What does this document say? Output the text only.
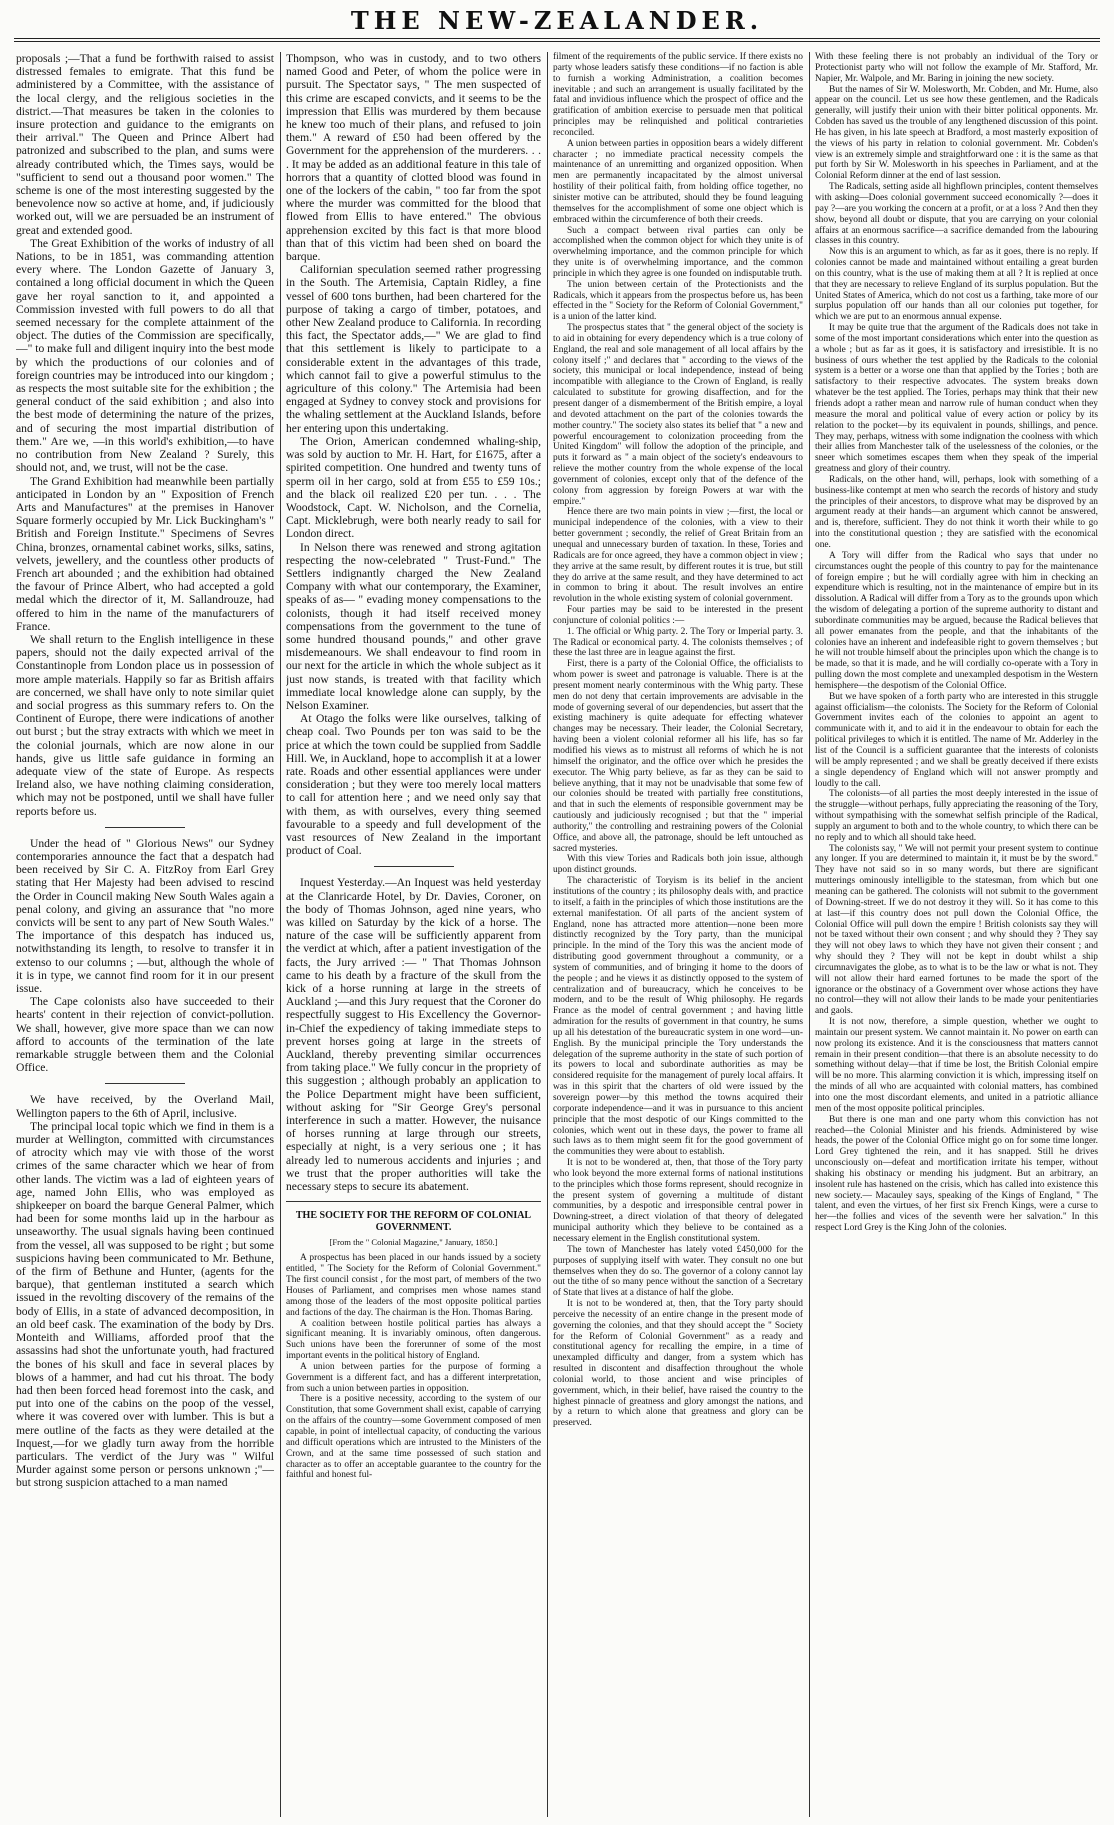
THE NEW-ZEALANDER.

proposals ;—That a fund be forthwith raised to assist distressed females to emigrate. That this fund be administered by a Committee, with the assistance of the local clergy, and the religious societies in the district.—That measures be taken in the colonies to insure protection and guidance to the emigrants on their arrival." The Queen and Prince Albert had patronized and subscribed to the plan, and sums were already contributed which, the Times says, would be "sufficient to send out a thousand poor women." The scheme is one of the most interesting suggested by the benevolence now so active at home, and, if judiciously worked out, will we are persuaded be an instrument of great and extended good.

The Great Exhibition of the works of industry of all Nations, to be in 1851, was commanding attention every where. The London Gazette of January 3, contained a long official document in which the Queen gave her royal sanction to it, and appointed a Commission invested with full powers to do all that seemed necessary for the complete attainment of the object. The duties of the Commission are specifically,—" to make full and diligent inquiry into the best mode by which the productions of our colonies and of foreign countries may be introduced into our kingdom ; as respects the most suitable site for the exhibition ; the general conduct of the said exhibition ; and also into the best mode of determining the nature of the prizes, and of securing the most impartial distribution of them." Are we, —in this world's exhibition,—to have no contribution from New Zealand ? Surely, this should not, and, we trust, will not be the case.

The Grand Exhibition had meanwhile been partially anticipated in London by an " Exposition of French Arts and Manufactures" at the premises in Hanover Square formerly occupied by Mr. Lick Buckingham's " British and Foreign Institute." Specimens of Sevres China, bronzes, ornamental cabinet works, silks, satins, velvets, jewellery, and the countless other products of French art abounded ; and the exhibition had obtained the favour of Prince Albert, who had accepted a gold medal which the director of it, M. Sallandrouze, had offered to him in the name of the manufacturers of France.

We shall return to the English intelligence in these papers, should not the daily expected arrival of the Constantinople from London place us in possession of more ample materials. Happily so far as British affairs are concerned, we shall have only to note similar quiet and social progress as this summary refers to. On the Continent of Europe, there were indications of another out burst ; but the stray extracts with which we meet in the colonial journals, which are now alone in our hands, give us little safe guidance in forming an adequate view of the state of Europe. As respects Ireland also, we have nothing claiming consideration, which may not be postponed, until we shall have fuller reports before us.

Under the head of " Glorious News" our Sydney contemporaries announce the fact that a despatch had been received by Sir C. A. FitzRoy from Earl Grey stating that Her Majesty had been advised to rescind the Order in Council making New South Wales again a penal colony, and giving an assurance that "no more convicts will be sent to any part of New South Wales." The importance of this despatch has induced us, notwithstanding its length, to resolve to transfer it in extenso to our columns ; —but, although the whole of it is in type, we cannot find room for it in our present issue.

The Cape colonists also have succeeded to their hearts' content in their rejection of convict-pollution. We shall, however, give more space than we can now afford to accounts of the termination of the late remarkable struggle between them and the Colonial Office.

We have received, by the Overland Mail, Wellington papers to the 6th of April, inclusive.

The principal local topic which we find in them is a murder at Wellington, committed with circumstances of atrocity which may vie with those of the worst crimes of the same character which we hear of from other lands. The victim was a lad of eighteen years of age, named John Ellis, who was employed as shipkeeper on board the barque General Palmer, which had been for some months laid up in the harbour as unseaworthy. The usual signals having been continued from the vessel, all was supposed to be right ; but some suspicions having been communicated to Mr. Bethune, of the firm of Bethune and Hunter, (agents for the barque), that gentleman instituted a search which issued in the revolting discovery of the remains of the body of Ellis, in a state of advanced decomposition, in an old beef cask. The examination of the body by Drs. Monteith and Williams, afforded proof that the assassins had shot the unfortunate youth, had fractured the bones of his skull and face in several places by blows of a hammer, and had cut his throat. The body had then been forced head foremost into the cask, and put into one of the cabins on the poop of the vessel, where it was covered over with lumber. This is but a mere outline of the facts as they were detailed at the Inquest,—for we gladly turn away from the horrible particulars. The verdict of the Jury was " Wilful Murder against some person or persons unknown ;"—but strong suspicion attached to a man named

Thompson, who was in custody, and to two others named Good and Peter, of whom the police were in pursuit. The Spectator says, " The men suspected of this crime are escaped convicts, and it seems to be the impression that Ellis was murdered by them because he knew too much of their plans, and refused to join them." A reward of £50 had been offered by the Government for the apprehension of the murderers. . . . It may be added as an additional feature in this tale of horrors that a quantity of clotted blood was found in one of the lockers of the cabin, " too far from the spot where the murder was committed for the blood that flowed from Ellis to have entered." The obvious apprehension excited by this fact is that more blood than that of this victim had been shed on board the barque.

Californian speculation seemed rather progressing in the South. The Artemisia, Captain Ridley, a fine vessel of 600 tons burthen, had been chartered for the purpose of taking a cargo of timber, potatoes, and other New Zealand produce to California. In recording this fact, the Spectator adds,—" We are glad to find that this settlement is likely to participate to a considerable extent in the advantages of this trade, which cannot fail to give a powerful stimulus to the agriculture of this colony." The Artemisia had been engaged at Sydney to convey stock and provisions for the whaling settlement at the Auckland Islands, before her entering upon this undertaking.

The Orion, American condemned whaling-ship, was sold by auction to Mr. H. Hart, for £1675, after a spirited competition. One hundred and twenty tuns of sperm oil in her cargo, sold at from £55 to £59 10s.; and the black oil realized £20 per tun. . . . The Woodstock, Capt. W. Nicholson, and the Cornelia, Capt. Micklebrugh, were both nearly ready to sail for London direct.

In Nelson there was renewed and strong agitation respecting the now-celebrated " Trust-Fund." The Settlers indignantly charged the New Zealand Company with what our contemporary, the Examiner, speaks of as— " evading money compensations to the colonists, though it had itself received money compensations from the government to the tune of some hundred thousand pounds," and other grave misdemeanours. We shall endeavour to find room in our next for the article in which the whole subject as it just now stands, is treated with that facility which immediate local knowledge alone can supply, by the Nelson Examiner.

At Otago the folks were like ourselves, talking of cheap coal. Two Pounds per ton was said to be the price at which the town could be supplied from Saddle Hill. We, in Auckland, hope to accomplish it at a lower rate. Roads and other essential appliances were under consideration ; but they were too merely local matters to call for attention here ; and we need only say that with them, as with ourselves, every thing seemed favourable to a speedy and full development of the vast resources of New Zealand in the important product of Coal.

Inquest Yesterday.—An Inquest was held yesterday at the Clanricarde Hotel, by Dr. Davies, Coroner, on the body of Thomas Johnson, aged nine years, who was killed on Saturday by the kick of a horse. The nature of the case will be sufficiently apparent from the verdict at which, after a patient investigation of the facts, the Jury arrived :— " That Thomas Johnson came to his death by a fracture of the skull from the kick of a horse running at large in the streets of Auckland ;—and this Jury request that the Coroner do respectfully suggest to His Excellency the Governor-in-Chief the expediency of taking immediate steps to prevent horses going at large in the streets of Auckland, thereby preventing similar occurrences from taking place." We fully concur in the propriety of this suggestion ; although probably an application to the Police Department might have been sufficient, without asking for "Sir George Grey's personal interference in such a matter. However, the nuisance of horses running at large through our streets, especially at night, is a very serious one ; it has already led to numerous accidents and injuries ; and we trust that the proper authorities will take the necessary steps to secure its abatement.

THE SOCIETY FOR THE REFORM OF COLONIAL GOVERNMENT.
[From the " Colonial Magazine," January, 1850.]

A prospectus has been placed in our hands issued by a society entitled, " The Society for the Reform of Colonial Government." The first council consist , for the most part, of members of the two Houses of Parliament, and comprises men whose names stand among those of the leaders of the most opposite political parties and factions of the day. The chairman is the Hon. Thomas Baring.

A coalition between hostile political parties has always a significant meaning. It is invariably ominous, often dangerous. Such unions have been the forerunner of some of the most important events in the political history of England.

A union between parties for the purpose of forming a Government is a different fact, and has a different interpretation, from such a union between parties in opposition.

There is a positive necessity, according to the system of our Constitution, that some Government shall exist, capable of carrying on the affairs of the country—some Government composed of men capable, in point of intellectual capacity, of conducting the various and difficult operations which are intrusted to the Ministers of the Crown, and at the same time possessed of such station and character as to offer an acceptable guarantee to the country for the faithful and honest ful-

filment of the requirements of the public service. If there exists no party whose leaders satisfy these conditions—if no faction is able to furnish a working Administration, a coalition becomes inevitable ; and such an arrangement is usually facilitated by the fatal and invidious influence which the prospect of office and the gratification of ambition exercise to persuade men that political principles may be relinquished and political contrarieties reconciled.

A union between parties in opposition bears a widely different character ; no immediate practical necessity compels the maintenance of an unremitting and organized opposition. When men are permanently incapacitated by the almost universal hostility of their political faith, from holding office together, no sinister motive can be attributed, should they be found leaguing themselves for the accomplishment of some one object which is embraced within the circumference of both their creeds.

Such a compact between rival parties can only be accomplished when the common object for which they unite is of overwhelming importance, and the common principle for which they unite is of overwhelming importance, and the common principle in which they agree is one founded on indisputable truth.

The union between certain of the Protectionists and the Radicals, which it appears from the prospectus before us, has been effected in the " Society for the Reform of Colonial Government," is a union of the latter kind.

The prospectus states that " the general object of the society is to aid in obtaining for every dependency which is a true colony of England, the real and sole management of all local affairs by the colony itself ;" and declares that " according to the views of the society, this municipal or local independence, instead of being incompatible with allegiance to the Crown of England, is really calculated to substitute for growing disaffection, and for the present danger of a dismemberment of the British empire, a loyal and devoted attachment on the part of the colonies towards the mother country." The society also states its belief that " a new and powerful encouragement to colonization proceeding from the United Kingdom" will follow the adoption of the principle, and puts it forward as " a main object of the society's endeavours to relieve the mother country from the whole expense of the local government of colonies, except only that of the defence of the colony from aggression by foreign Powers at war with the empire."

Hence there are two main points in view ;—first, the local or municipal independence of the colonies, with a view to their better government ; secondly, the relief of Great Britain from an unequal and unnecessary burden of taxation. In these, Tories and Radicals are for once agreed, they have a common object in view ; they arrive at the same result, by different routes it is true, but still they do arrive at the same result, and they have determined to act in common to bring it about. The result involves an entire revolution in the whole existing system of colonial government.

Four parties may be said to be interested in the present conjuncture of colonial politics :—

1. The official or Whig party. 2. The Tory or Imperial party. 3. The Radical or economical party. 4. The colonists themselves ; of these the last three are in league against the first.

First, there is a party of the Colonial Office, the officialists to whom power is sweet and patronage is valuable. There is at the present moment nearly conterminous with the Whig party. These men do not deny that certain improvements are advisable in the mode of governing several of our dependencies, but assert that the existing machinery is quite adequate for effecting whatever changes may be necessary. Their leader, the Colonial Secretary, having been a violent colonial reformer all his life, has so far modified his views as to mistrust all reforms of which he is not himself the originator, and the office over which he presides the executor. The Whig party believe, as far as they can be said to believe anything, that it may not be unadvisable that some few of our colonies should be treated with partially free constitutions, and that in such the elements of responsible government may be cautiously and judiciously recognised ; but that the " imperial authority," the controlling and restraining powers of the Colonial Office, and above all, the patronage, should be left untouched as sacred mysteries.

With this view Tories and Radicals both join issue, although upon distinct grounds.

The characteristic of Toryism is its belief in the ancient institutions of the country ; its philosophy deals with, and practice to itself, a faith in the principles of which those institutions are the external manifestation. Of all parts of the ancient system of England, none has attracted more attention—none been more distinctly recognized by the Tory party, than the municipal principle. In the mind of the Tory this was the ancient mode of distributing good government throughout a community, or a system of communities, and of bringing it home to the doors of the people ; and he views it as distinctly opposed to the system of centralization and of bureaucracy, which he conceives to be modern, and to be the result of Whig philosophy. He regards France as the model of central government ; and having little admiration for the results of government in that country, he sums up all his detestation of the bureaucratic system in one word—un-English. By the municipal principle the Tory understands the delegation of the supreme authority in the state of such portion of its powers to local and subordinate authorities as may be considered requisite for the management of purely local affairs. It was in this spirit that the charters of old were issued by the sovereign power—by this method the towns acquired their corporate independence—and it was in pursuance to this ancient principle that the most despotic of our Kings committed to the colonies, which went out in these days, the power to frame all such laws as to them might seem fit for the good government of the communities they were about to establish.

It is not to be wondered at, then, that those of the Tory party who look beyond the more external forms of national institutions to the principles which those forms represent, should recognize in the present system of governing a multitude of distant communities, by a despotic and irresponsible central power in Downing-street, a direct violation of that theory of delegated municipal authority which they believe to be contained as a necessary element in the English constitutional system.

The town of Manchester has lately voted £450,000 for the purposes of supplying itself with water. They consult no one but themselves when they do so. The governor of a colony cannot lay out the tithe of so many pence without the sanction of a Secretary of State that lives at a distance of half the globe.

It is not to be wondered at, then, that the Tory party should perceive the necessity of an entire change in the present mode of governing the colonies, and that they should accept the " Society for the Reform of Colonial Government" as a ready and constitutional agency for recalling the empire, in a time of unexampled difficulty and danger, from a system which has resulted in discontent and disaffection throughout the whole colonial world, to those ancient and wise principles of government, which, in their belief, have raised the country to the highest pinnacle of greatness and glory amongst the nations, and by a return to which alone that greatness and glory can be preserved.

With these feeling there is not probably an individual of the Tory or Protectionist party who will not follow the example of Mr. Stafford, Mr. Napier, Mr. Walpole, and Mr. Baring in joining the new society.

But the names of Sir W. Molesworth, Mr. Cobden, and Mr. Hume, also appear on the council. Let us see how these gentlemen, and the Radicals generally, will justify their union with their bitter political opponents. Mr. Cobden has saved us the trouble of any lengthened discussion of this point. He has given, in his late speech at Bradford, a most masterly exposition of the views of his party in relation to colonial government. Mr. Cobden's view is an extremely simple and straightforward one : it is the same as that put forth by Sir W. Molesworth in his speeches in Parliament, and at the Colonial Reform dinner at the end of last session.

The Radicals, setting aside all highflown principles, content themselves with asking—Does colonial government succeed economically ?—does it pay ?—are you working the concern at a profit, or at a loss ? And then they show, beyond all doubt or dispute, that you are carrying on your colonial affairs at an enormous sacrifice—a sacrifice demanded from the labouring classes in this country.

Now this is an argument to which, as far as it goes, there is no reply. If colonies cannot be made and maintained without entailing a great burden on this country, what is the use of making them at all ? It is replied at once that they are necessary to relieve England of its surplus population. But the United States of America, which do not cost us a farthing, take more of our surplus population off our hands than all our colonies put together, for which we are put to an enormous annual expense.

It may be quite true that the argument of the Radicals does not take in some of the most important considerations which enter into the question as a whole ; but as far as it goes, it is satisfactory and irresistible. It is no business of ours whether the test applied by the Radicals to the colonial system is a better or a worse one than that applied by the Tories ; both are satisfactory to their respective advocates. The system breaks down whatever be the test applied. The Tories, perhaps may think that their new friends adopt a rather mean and narrow rule of human conduct when they measure the moral and political value of every action or policy by its relation to the pocket—by its equivalent in pounds, shillings, and pence. They may, perhaps, witness with some indignation the coolness with which their allies from Manchester talk of the uselessness of the colonies, or the sneer which sometimes escapes them when they speak of the imperial greatness and glory of their country.

Radicals, on the other hand, will, perhaps, look with something of a business-like contempt at men who search the records of history and study the principles of their ancestors, to disprove what may be disproved by an argument ready at their hands—an argument which cannot be answered, and is, therefore, sufficient. They do not think it worth their while to go into the constitutional question ; they are satisfied with the economical one.

A Tory will differ from the Radical who says that under no circumstances ought the people of this country to pay for the maintenance of foreign empire ; but he will cordially agree with him in checking an expenditure which is resulting, not in the maintenance of empire but in its dissolution. A Radical will differ from a Tory as to the grounds upon which the wisdom of delegating a portion of the supreme authority to distant and subordinate communities may be argued, because the Radical believes that all power emanates from the people, and that the inhabitants of the colonies have an inherent and indefeasible right to govern themselves ; but he will not trouble himself about the principles upon which the change is to be made, so that it is made, and he will cordially co-operate with a Tory in pulling down the most complete and unexampled despotism in the Western hemisphere—the despotism of the Colonial Office.

But we have spoken of a forth party who are interested in this struggle against officialism—the colonists. The Society for the Reform of Colonial Government invites each of the colonies to appoint an agent to communicate with it, and to aid it in the endeavour to obtain for each the political privileges to which it is entitled. The name of Mr. Adderley in the list of the Council is a sufficient guarantee that the interests of colonists will be amply represented ; and we shall be greatly deceived if there exists a single dependency of England which will not answer promptly and loudly to the call.

The colonists—of all parties the most deeply interested in the issue of the struggle—without perhaps, fully appreciating the reasoning of the Tory, without sympathising with the somewhat selfish principle of the Radical, supply an argument to both and to the whole country, to which there can be no reply and to which all should take heed.

The colonists say, " We will not permit your present system to continue any longer. If you are determined to maintain it, it must be by the sword." They have not said so in so many words, but there are significant mutterings ominously intelligible to the statesman, from which but one meaning can be gathered. The colonists will not submit to the government of Downing-street. If we do not destroy it they will. So it has come to this at last—if this country does not pull down the Colonial Office, the Colonial Office will pull down the empire ! British colonists say they will not be taxed without their own consent ; and why should they ? They say they will not obey laws to which they have not given their consent ; and why should they ? They will not be kept in doubt whilst a ship circumnavigates the globe, as to what is to be the law or what is not. They will not allow their hard earned fortunes to be made the sport of the ignorance or the obstinacy of a Government over whose actions they have no control—they will not allow their lands to be made your penitentiaries and gaols.

It is not now, therefore, a simple question, whether we ought to maintain our present system. We cannot maintain it. No power on earth can now prolong its existence. And it is the consciousness that matters cannot remain in their present condition—that there is an absolute necessity to do something without delay—that if time be lost, the British Colonial empire will be no more. This alarming conviction it is which, impressing itself on the minds of all who are acquainted with colonial matters, has combined into one the most discordant elements, and united in a patriotic alliance men of the most opposite political principles.

But there is one man and one party whom this conviction has not reached—the Colonial Minister and his friends. Administered by wise heads, the power of the Colonial Office might go on for some time longer. Lord Grey tightened the rein, and it has snapped. Still he drives unconsciously on—defeat and mortification irritate his temper, without shaking his obstinacy or mending his judgment. But an arbitrary, an insolent rule has hastened on the crisis, which has called into existence this new society.— Macauley says, speaking of the Kings of England, " The talent, and even the virtues, of her first six French Kings, were a curse to her—the follies and vices of the seventh were her salvation." In this respect Lord Grey is the King John of the colonies.
